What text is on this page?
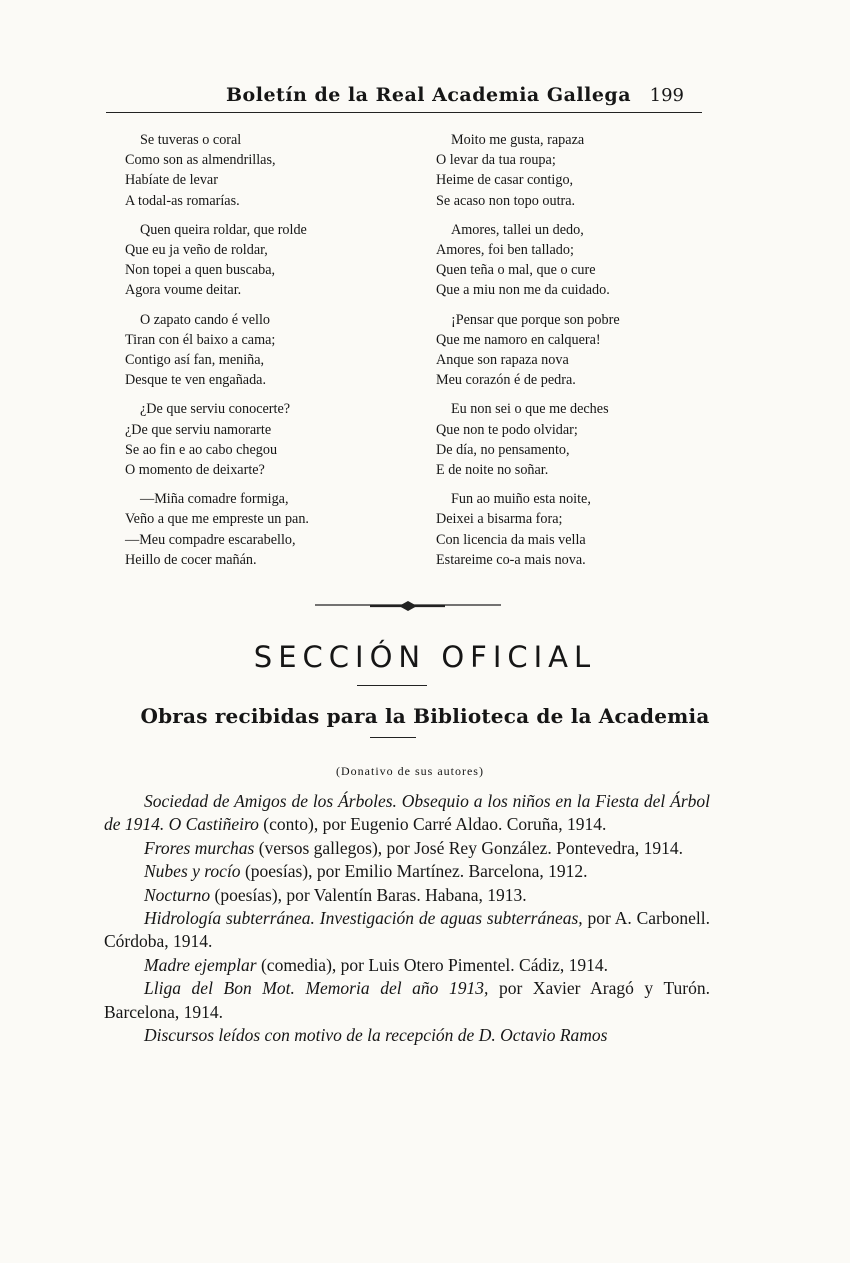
Boletín de la Real Academia Gallega 199
Se tuveras o coral
Como son as almendrillas,
Habíate de levar
A todal-as romarías.
Quen queira roldar, que rolde
Que eu ja veño de roldar,
Non topei a quen buscaba,
Agora voume deitar.
O zapato cando é vello
Tiran con él baixo a cama;
Contigo así fan, meniña,
Desque te ven engañada.
¿De que serviu conocerte?
¿De que serviu namorarte
Se ao fin e ao cabo chegou
O momento de deixarte?
—Miña comadre formiga,
Veño a que me empreste un pan.
—Meu compadre escarabello,
Heillo de cocer mañán.
Moito me gusta, rapaza
O levar da tua roupa;
Heime de casar contigo,
Se acaso non topo outra.
Amores, tallei un dedo,
Amores, foi ben tallado;
Quen teña o mal, que o cure
Que a miu non me da cuidado.
¡Pensar que porque son pobre
Que me namoro en calquera!
Anque son rapaza nova
Meu corazón é de pedra.
Eu non sei o que me deches
Que non te podo olvidar;
De día, no pensamento,
E de noite no soñar.
Fun ao muiño esta noite,
Deixei a bisarma fora;
Con licencia da mais vella
Estareime co-a mais nova.
SECCIÓN OFICIAL
Obras recibidas para la Biblioteca de la Academia
(Donativo de sus autores)
Sociedad de Amigos de los Árboles. Obsequio a los niños en la Fiesta del Árbol de 1914. O Castiñeiro (conto), por Eugenio Carré Aldao. Coruña, 1914.
Frores murchas (versos gallegos), por José Rey González. Pontevedra, 1914.
Nubes y rocío (poesías), por Emilio Martínez. Barcelona, 1912.
Nocturno (poesías), por Valentín Baras. Habana, 1913.
Hidrología subterránea. Investigación de aguas subterráneas, por A. Carbonell. Córdoba, 1914.
Madre ejemplar (comedia), por Luis Otero Pimentel. Cádiz, 1914.
Lliga del Bon Mot. Memoria del año 1913, por Xavier Aragó y Turón. Barcelona, 1914.
Discursos leídos con motivo de la recepción de D. Octavio Ramos
